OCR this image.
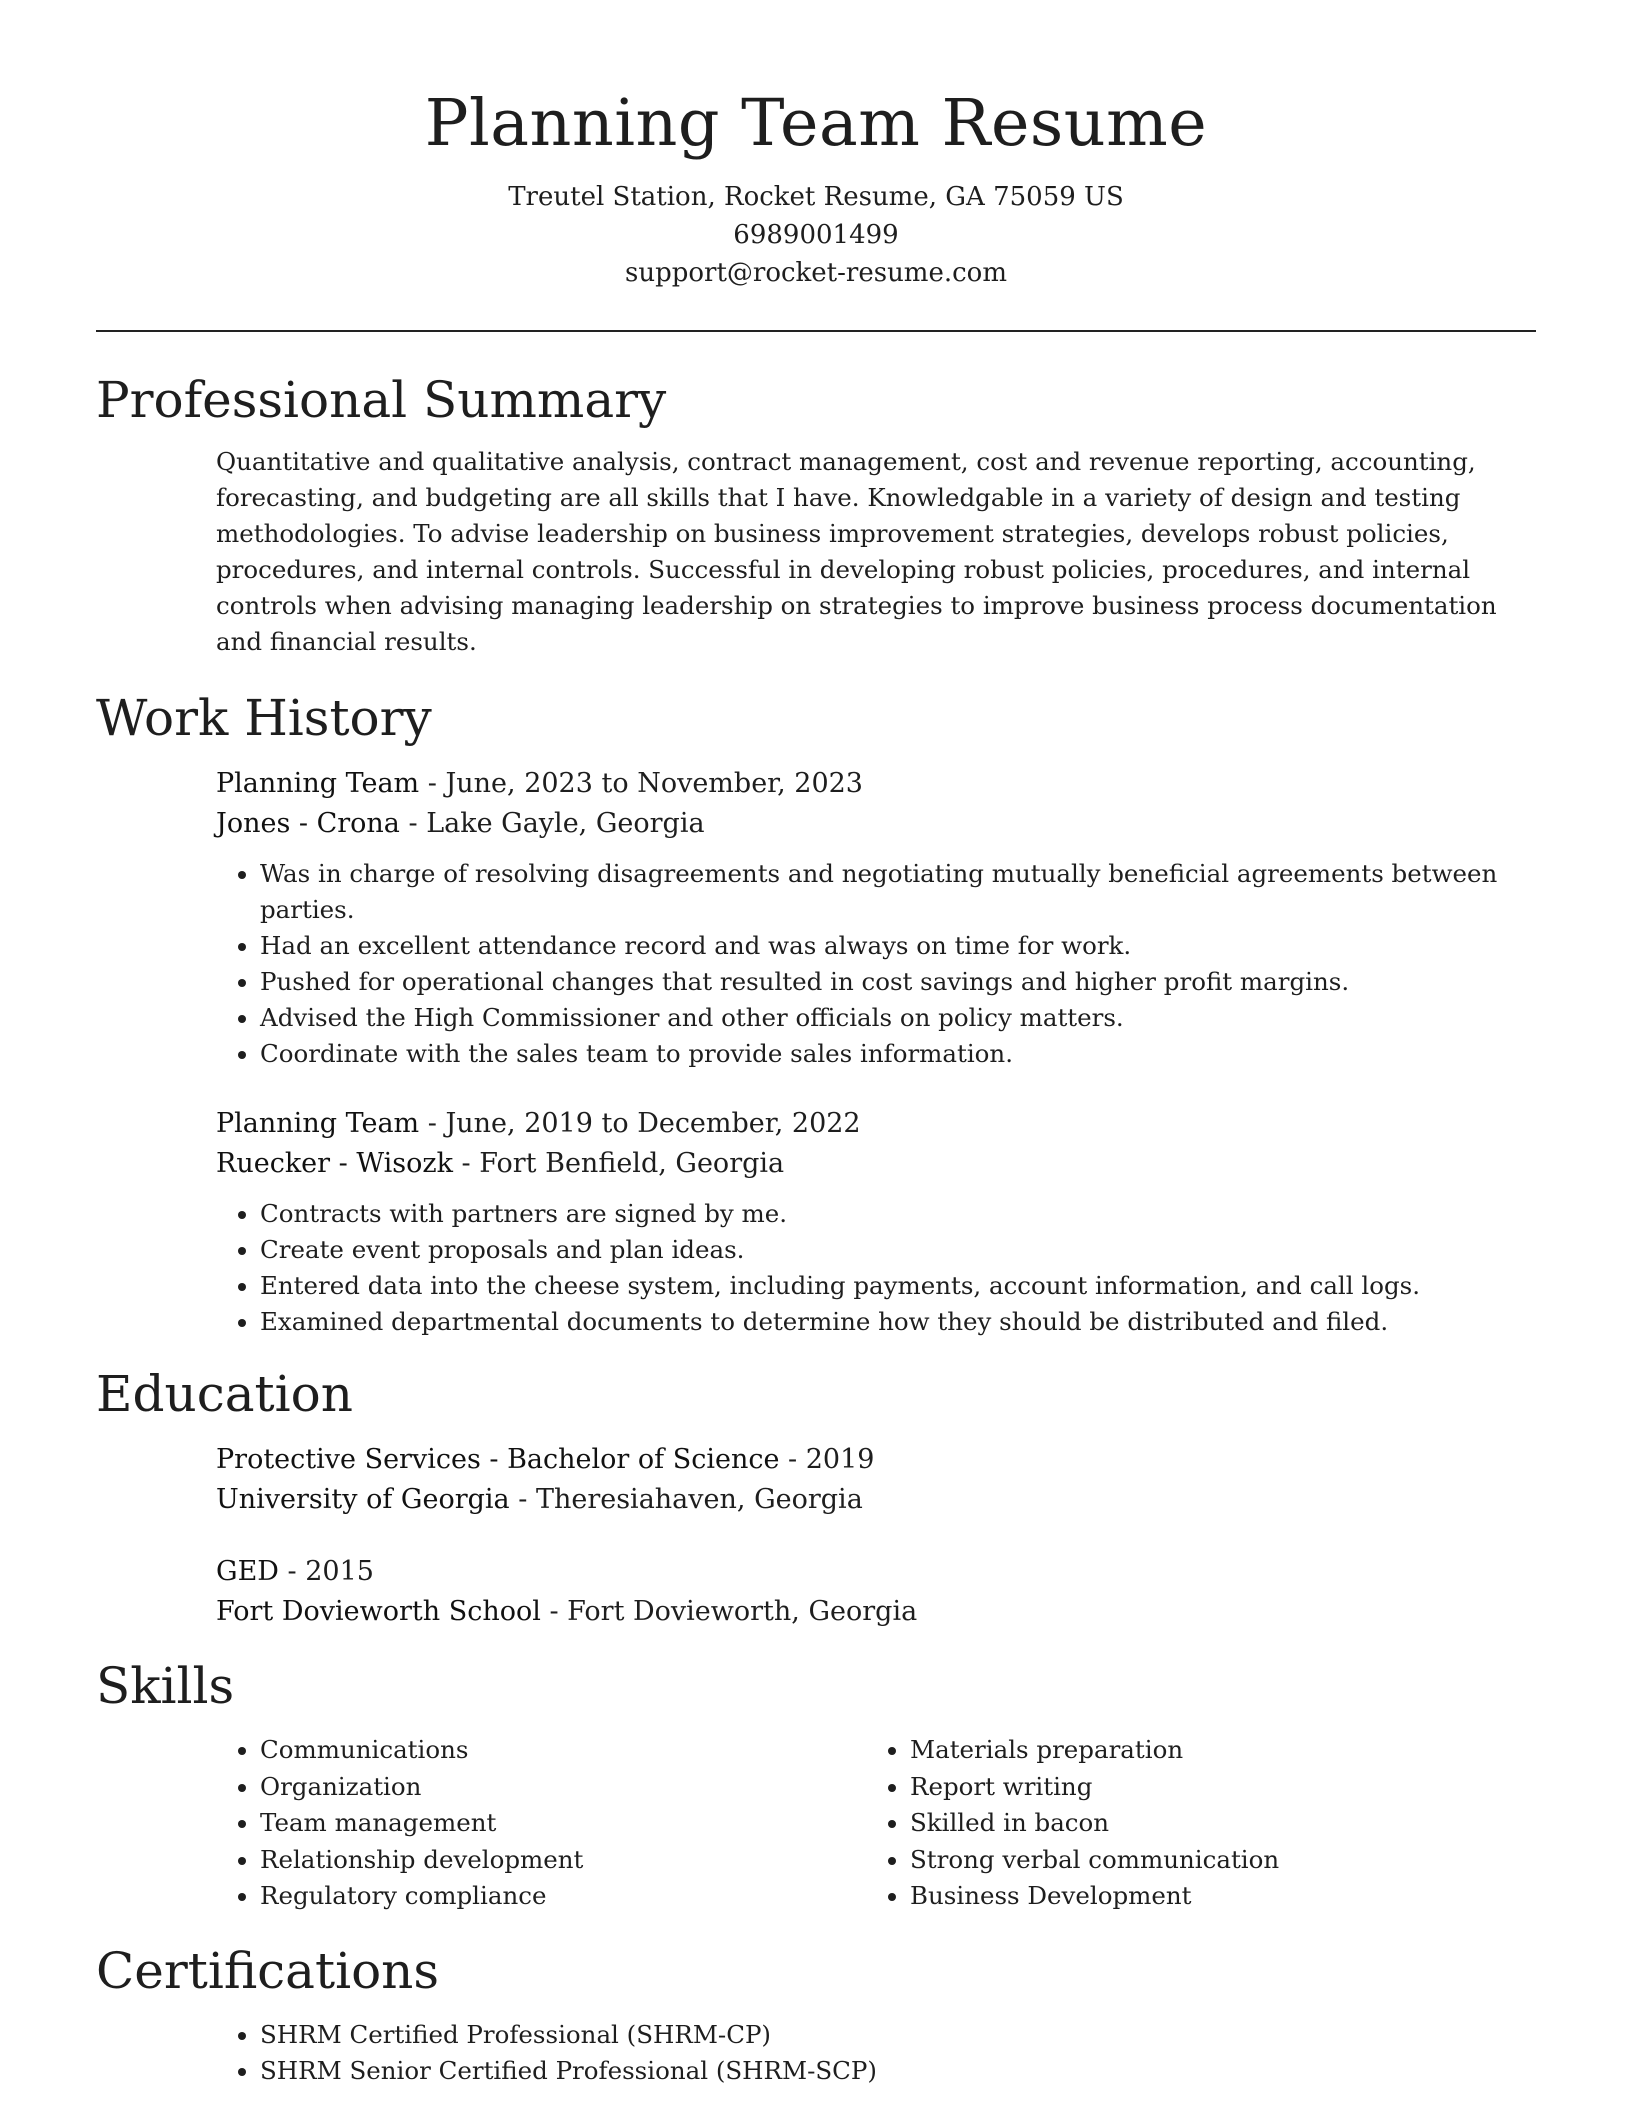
Planning Team Resume
Treutel Station, Rocket Resume, GA 75059 US
6989001499
support@rocket-resume.com
Professional Summary

Quantitative and qualitative analysis, contract management, cost and revenue reporting, accounting, forecasting, and budgeting are all skills that I have. Knowledgable in a variety of design and testing methodologies. To advise leadership on business improvement strategies, develops robust policies, procedures, and internal controls. Successful in developing robust policies, procedures, and internal controls when advising managing leadership on strategies to improve business process documentation and financial results.

Work History
Planning Team - June, 2023 to November, 2023
Jones - Crona - Lake Gayle, Georgia
• Was in charge of resolving disagreements and negotiating mutually beneficial agreements between parties.
• Had an excellent attendance record and was always on time for work.
• Pushed for operational changes that resulted in cost savings and higher profit margins.
• Advised the High Commissioner and other officials on policy matters.
• Coordinate with the sales team to provide sales information.
Planning Team - June, 2019 to December, 2022
Ruecker - Wisozk - Fort Benfield, Georgia
• Contracts with partners are signed by me.
• Create event proposals and plan ideas.
• Entered data into the cheese system, including payments, account information, and call logs.
• Examined departmental documents to determine how they should be distributed and filed.
Education
Protective Services - Bachelor of Science - 2019
University of Georgia - Theresiahaven, Georgia
GED - 2015
Fort Dovieworth School - Fort Dovieworth, Georgia
Skills
• Communications
• Organization
• Team management
• Relationship development
• Regulatory compliance
• Materials preparation
• Report writing
• Skilled in bacon
• Strong verbal communication
• Business Development
Certifications
• SHRM Certified Professional (SHRM-CP)
• SHRM Senior Certified Professional (SHRM-SCP)
